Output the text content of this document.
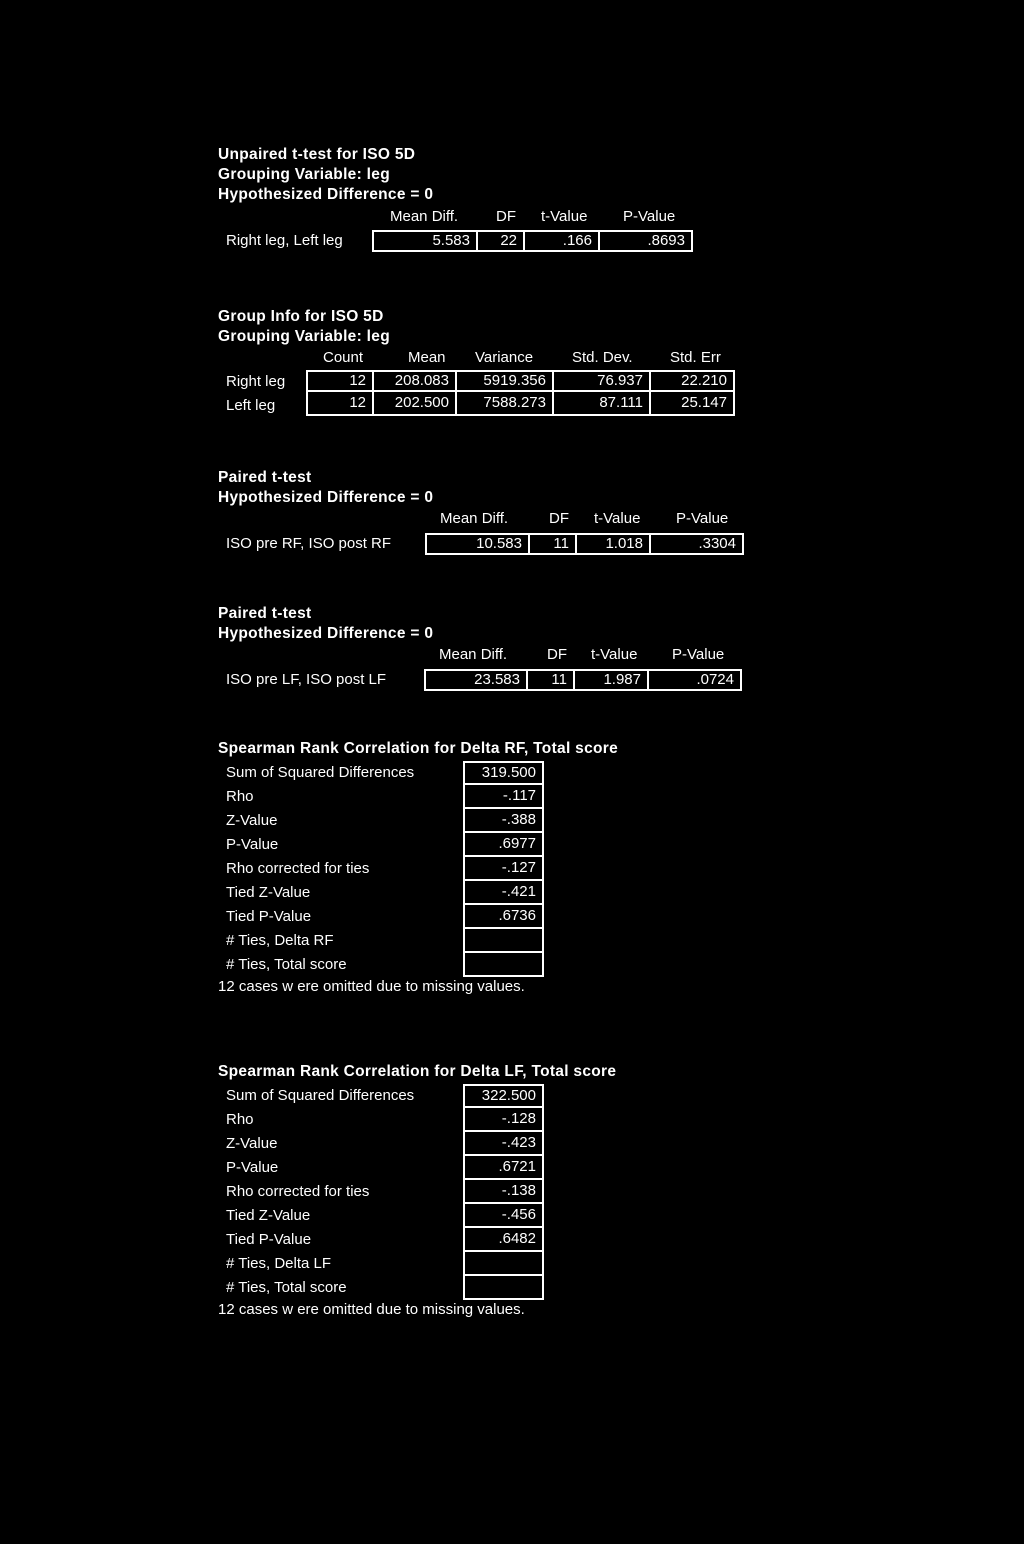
Unpaired t-test for ISO 5D
Grouping Variable: leg
Hypothesized Difference = 0
Mean Diff.	DF t-Value P-Value
Right leg, Left leg	5.583	22	.166	.8693
Group Info for ISO 5D
Grouping Variable: leg
Count	Mean Variance	Std. Dev. Std. Err
Right leg	12	208.083	5919.356	76.937	22.210
Left leg	12	202.500	7588.273	87.111	25.147
Paired t-test
Hypothesized Difference = 0
Mean Diff.	DF t-Value P-Value
ISO pre RF, ISO post RF	10.583	11	1.018	.3304
Paired t-test
Hypothesized Difference = 0
Mean Diff.	DF t-Value P-Value
ISO pre LF, ISO post LF	23.583	11	1.987	.0724
Spearman Rank Correlation for Delta RF, Total score
Sum of Squared Differences	319.500
Rho	-.117
Z-Value	-.388
P-Value	.6977
Rho corrected for ties	-.127
Tied Z-Value	-.421
Tied P-Value	.6736
# Ties, Delta RF
# Ties, Total score
12 cases w ere omitted due to missing values.
Spearman Rank Correlation for Delta LF, Total score
Sum of Squared Differences	322.500
Rho	-.128
Z-Value	-.423
P-Value	.6721
Rho corrected for ties	-.138
Tied Z-Value	-.456
Tied P-Value	.6482
# Ties, Delta LF
# Ties, Total score
12 cases w ere omitted due to missing values.
